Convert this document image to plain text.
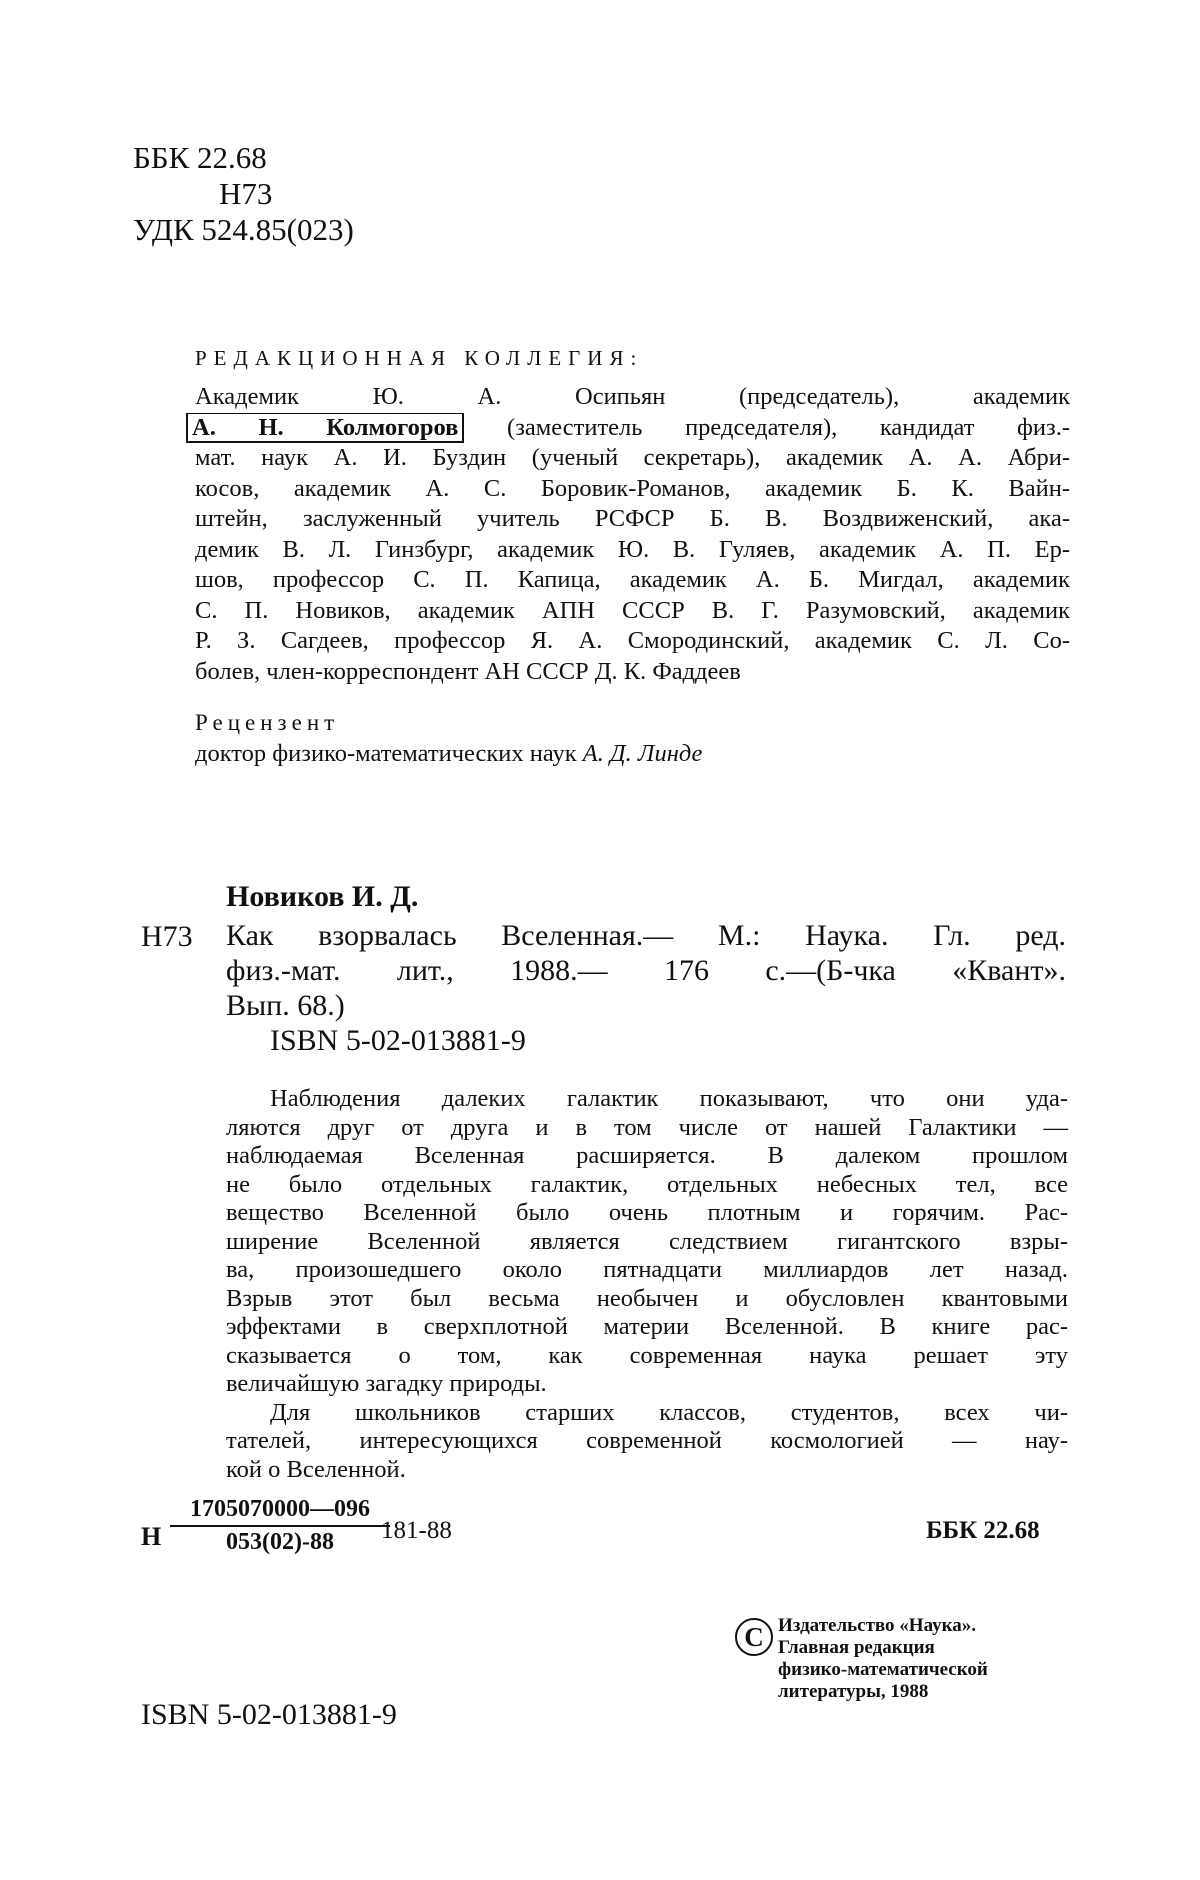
ББК 22.68
Н73
УДК 524.85(023)
РЕДАКЦИОННАЯ КОЛЛЕГИЯ:

Академик Ю. А. Осипьян (председатель), академик

А. Н. Колмогоров (заместитель председателя), кандидат физ.-

мат. наук А. И. Буздин (ученый секретарь), академик А. А. Абри-

косов, академик А. С. Боровик-Романов, академик Б. К. Вайн-

штейн, заслуженный учитель РСФСР Б. В. Воздвиженский, ака-

демик В. Л. Гинзбург, академик Ю. В. Гуляев, академик А. П. Ер-

шов, профессор С. П. Капица, академик А. Б. Мигдал, академик

С. П. Новиков, академик АПН СССР В. Г. Разумовский, академик

Р. З. Сагдеев, профессор Я. А. Смородинский, академик С. Л. Со-

болев, член-корреспондент АН СССР Д. К. Фаддеев

Рецензент
доктор физико-математических наук А. Д. Линде
Новиков И. Д.
Н73 Как взорвалась Вселенная.— М.: Наука. Гл. ред.

физ.-мат. лит., 1988.— 176 с.—(Б-чка «Квант».

Вып. 68.)

ISBN 5-02-013881-9

Наблюдения далеких галактик показывают, что они уда-

ляются друг от друга и в том числе от нашей Галактики —

наблюдаемая Вселенная расширяется. В далеком прошлом

не было отдельных галактик, отдельных небесных тел, все

вещество Вселенной было очень плотным и горячим. Рас-

ширение Вселенной является следствием гигантского взры-

ва, произошедшего около пятнадцати миллиардов лет назад.

Взрыв этот был весьма необычен и обусловлен квантовыми

эффектами в сверхплотной материи Вселенной. В книге рас-

сказывается о том, как современная наука решает эту

величайшую загадку природы.

Для школьников старших классов, студентов, всех чи-

тателей, интересующихся современной космологией — нау-

кой о Вселенной.

Н
1705070000—096
053(02)-88	181-88	ББК 22.68
ISBN 5-02-013881-9
C Издательство «Наука».
Главная редакция
физико-математической
литературы, 1988
